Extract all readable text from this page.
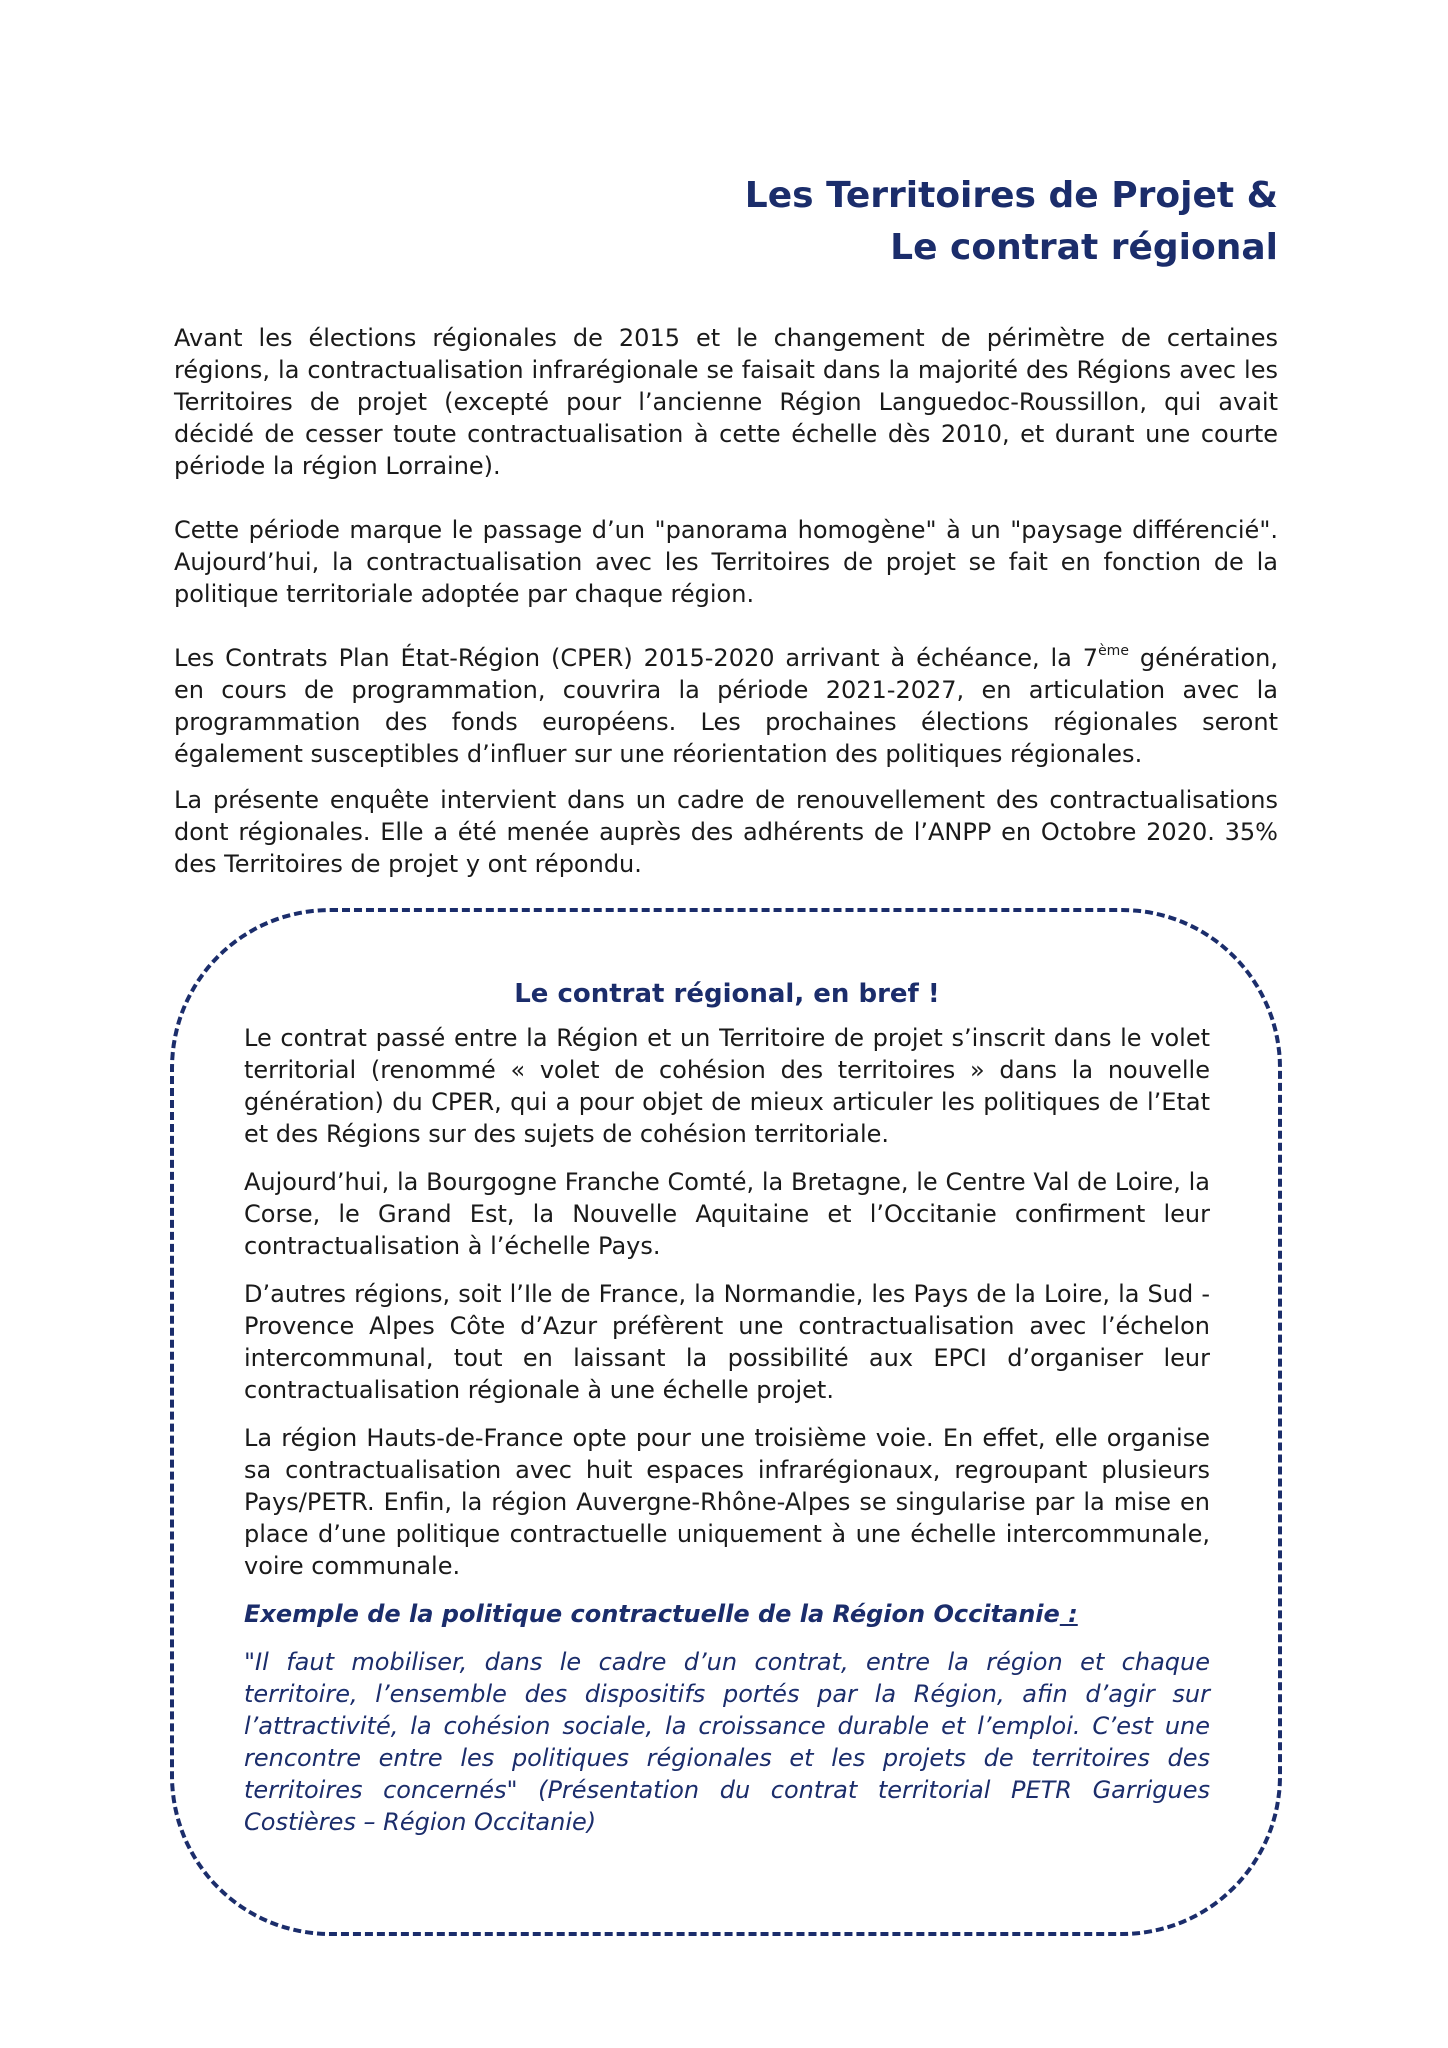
Les Territoires de Projet &
Le contrat régional

Avant les élections régionales de 2015 et le changement de périmètre de certaines régions, la contractualisation infrarégionale se faisait dans la majorité des Régions avec les Territoires de projet (excepté pour l’ancienne Région Languedoc-Roussillon, qui avait décidé de cesser toute contractualisation à cette échelle dès 2010, et durant une courte période la région Lorraine).

Cette période marque le passage d’un "panorama homogène" à un "paysage différencié". Aujourd’hui, la contractualisation avec les Territoires de projet se fait en fonction de la politique territoriale adoptée par chaque région.

Les Contrats Plan État-Région (CPER) 2015-2020 arrivant à échéance, la 7ème génération, en cours de programmation, couvrira la période 2021-2027, en articulation avec la programmation des fonds européens. Les prochaines élections régionales seront également susceptibles d’influer sur une réorientation des politiques régionales.

La présente enquête intervient dans un cadre de renouvellement des contractualisations dont régionales. Elle a été menée auprès des adhérents de l’ANPP en Octobre 2020. 35% des Territoires de projet y ont répondu.

Le contrat régional, en bref !

Le contrat passé entre la Région et un Territoire de projet s’inscrit dans le volet territorial (renommé « volet de cohésion des territoires » dans la nouvelle génération) du CPER, qui a pour objet de mieux articuler les politiques de l’Etat et des Régions sur des sujets de cohésion territoriale.

Aujourd’hui, la Bourgogne Franche Comté, la Bretagne, le Centre Val de Loire, la Corse, le Grand Est, la Nouvelle Aquitaine et l’Occitanie confirment leur contractualisation à l’échelle Pays.

D’autres régions, soit l’Ile de France, la Normandie, les Pays de la Loire, la Sud - Provence Alpes Côte d’Azur préfèrent une contractualisation avec l’échelon intercommunal, tout en laissant la possibilité aux EPCI d’organiser leur contractualisation régionale à une échelle projet.

La région Hauts-de-France opte pour une troisième voie. En effet, elle organise sa contractualisation avec huit espaces infrarégionaux, regroupant plusieurs Pays/PETR. Enfin, la région Auvergne-Rhône-Alpes se singularise par la mise en place d’une politique contractuelle uniquement à une échelle intercommunale, voire communale.

Exemple de la politique contractuelle de la Région Occitanie :

"Il faut mobiliser, dans le cadre d’un contrat, entre la région et chaque territoire, l’ensemble des dispositifs portés par la Région, afin d’agir sur l’attractivité, la cohésion sociale, la croissance durable et l’emploi. C’est une rencontre entre les politiques régionales et les projets de territoires des territoires concernés" (Présentation du contrat territorial PETR Garrigues Costières – Région Occitanie)
